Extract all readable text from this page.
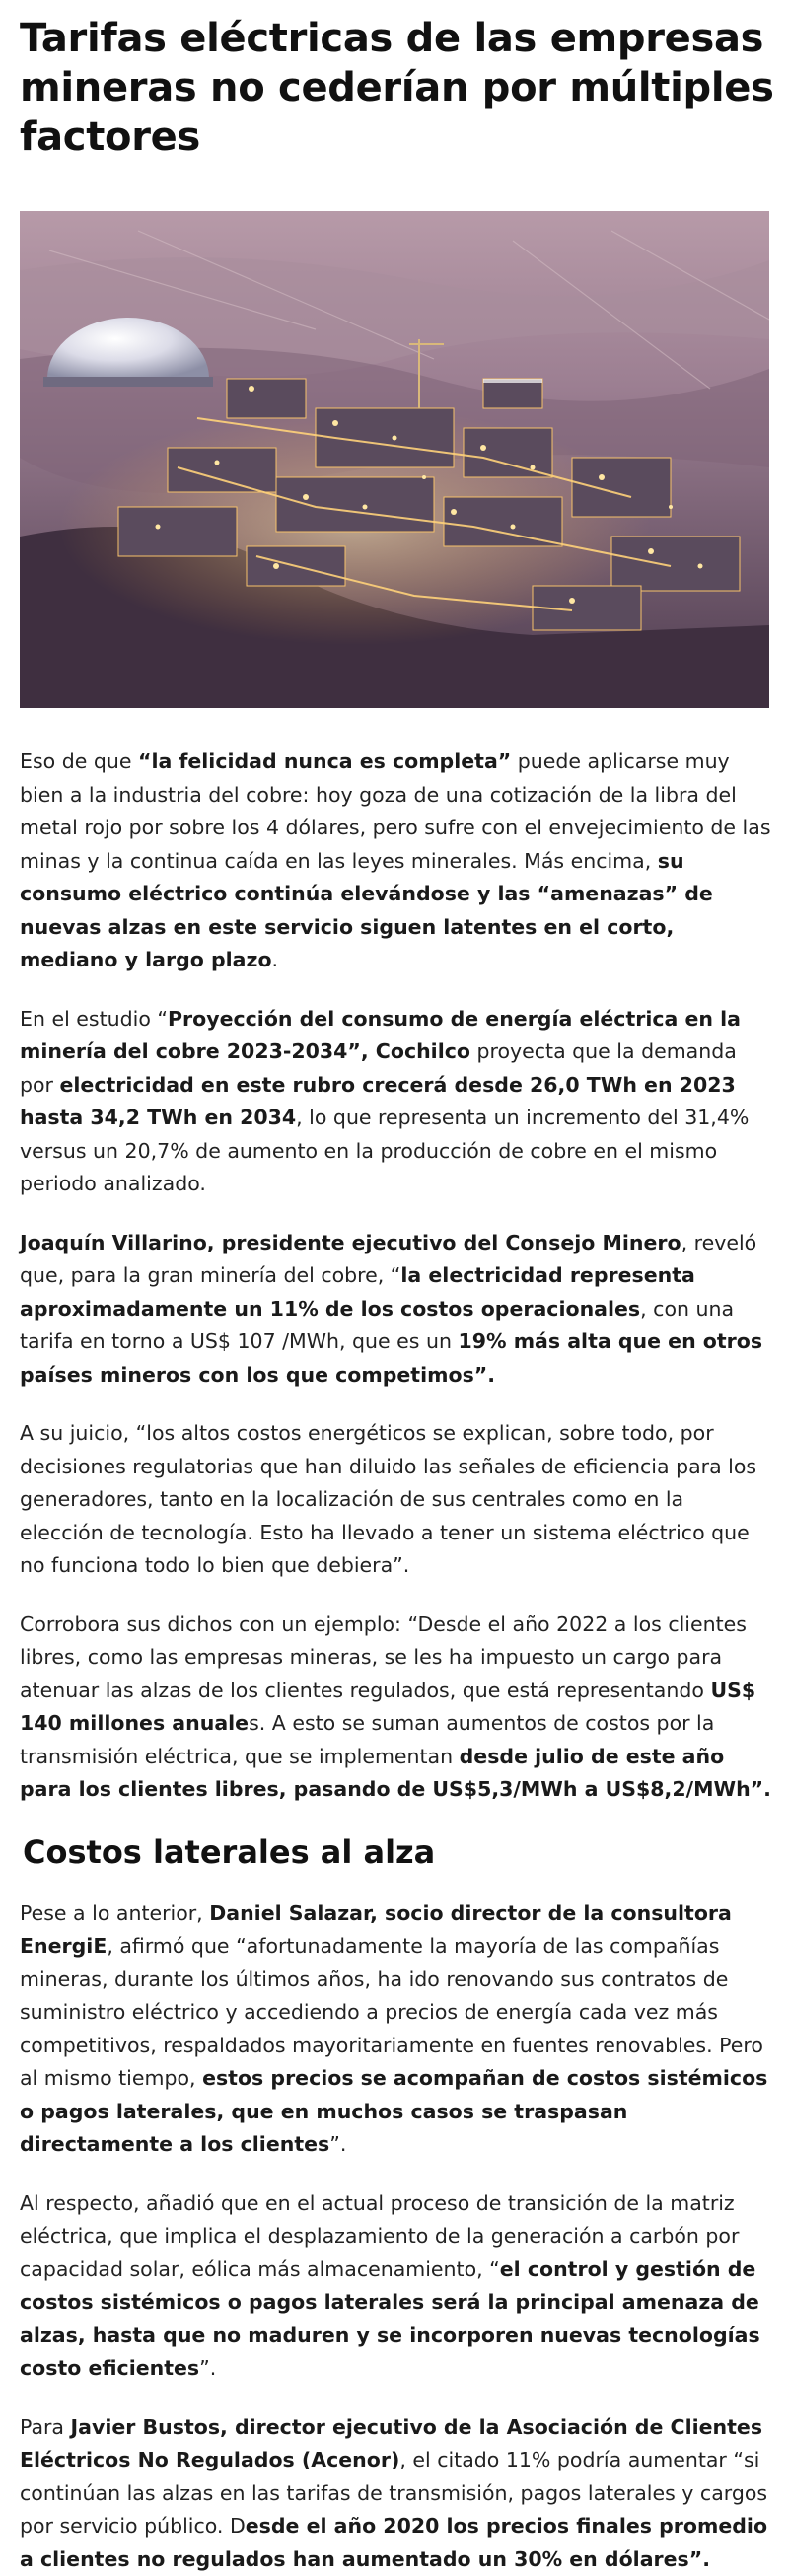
Tarifas eléctricas de las empresas mineras no cederían por múltiples factores

Eso de que “la felicidad nunca es completa” puede aplicarse muy bien a la industria del cobre: hoy goza de una cotización de la libra del metal rojo por sobre los 4 dólares, pero sufre con el envejecimiento de las minas y la continua caída en las leyes minerales. Más encima, su consumo eléctrico continúa elevándose y las “amenazas” de nuevas alzas en este servicio siguen latentes en el corto, mediano y largo plazo.

En el estudio “Proyección del consumo de energía eléctrica en la minería del cobre 2023-2034”, Cochilco proyecta que la demanda por electricidad en este rubro crecerá desde 26,0 TWh en 2023 hasta 34,2 TWh en 2034, lo que representa un incremento del 31,4% versus un 20,7% de aumento en la producción de cobre en el mismo periodo analizado.

Joaquín Villarino, presidente ejecutivo del Consejo Minero, reveló que, para la gran minería del cobre, “la electricidad representa aproximadamente un 11% de los costos operacionales, con una tarifa en torno a US$ 107 /MWh, que es un 19% más alta que en otros países mineros con los que competimos”.

A su juicio, “los altos costos energéticos se explican, sobre todo, por decisiones regulatorias que han diluido las señales de eficiencia para los generadores, tanto en la localización de sus centrales como en la elección de tecnología. Esto ha llevado a tener un sistema eléctrico que no funciona todo lo bien que debiera”.

Corrobora sus dichos con un ejemplo: “Desde el año 2022 a los clientes libres, como las empresas mineras, se les ha impuesto un cargo para atenuar las alzas de los clientes regulados, que está representando US$ 140 millones anuales. A esto se suman aumentos de costos por la transmisión eléctrica, que se implementan desde julio de este año para los clientes libres, pasando de US$5,3/MWh a US$8,2/MWh”.

Costos laterales al alza

Pese a lo anterior, Daniel Salazar, socio director de la consultora EnergiE, afirmó que “afortunadamente la mayoría de las compañías mineras, durante los últimos años, ha ido renovando sus contratos de suministro eléctrico y accediendo a precios de energía cada vez más competitivos, respaldados mayoritariamente en fuentes renovables. Pero al mismo tiempo, estos precios se acompañan de costos sistémicos o pagos laterales, que en muchos casos se traspasan directamente a los clientes”.

Al respecto, añadió que en el actual proceso de transición de la matriz eléctrica, que implica el desplazamiento de la generación a carbón por capacidad solar, eólica más almacenamiento, “el control y gestión de costos sistémicos o pagos laterales será la principal amenaza de alzas, hasta que no maduren y se incorporen nuevas tecnologías costo eficientes”.

Para Javier Bustos, director ejecutivo de la Asociación de Clientes Eléctricos No Regulados (Acenor), el citado 11% podría aumentar “si continúan las alzas en las tarifas de transmisión, pagos laterales y cargos por servicio público. Desde el año 2020 los precios finales promedio a clientes no regulados han aumentado un 30% en dólares”.
